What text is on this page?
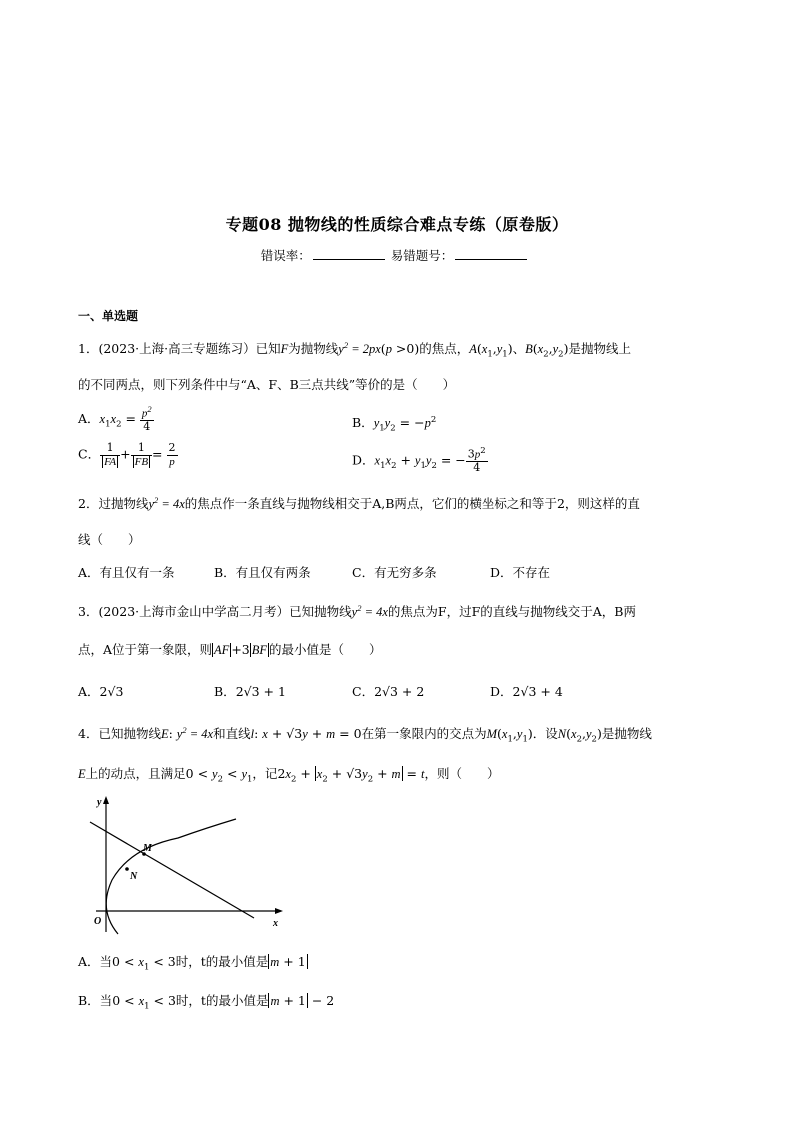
专题08 抛物线的性质综合难点专练（原卷版）
错误率：	易错题号：
一、单选题
1．(2023·上海·高三专题练习）已知F为抛物线$y^2 = 2px(p >0)$的焦点，$A(x_1,y_1)$、$B(x_2,y_2)$是抛物线上
的不同两点，则下列条件中与“A、F、B三点共线”等价的是（　　）
A．$x_1x_2 = \frac{p^2}{4}$	B．$y_1y_2 = -p^2$
C． $\frac{1}{FA} + \frac{1}{FB} = \frac{2}{p}$	D．$x_1x_2 + y_1y_2$ = − $\frac{3p^2}{4}$
2．过抛物线$y^2 = 4x$的焦点作一条直线与抛物线相交于A,B两点，它们的横坐标之和等于2，则这样的直
线（　　）
A．有且仅有一条	B．有且仅有两条	C．有无穷多条	D．不存在
3．(2023·上海市金山中学高二月考）已知抛物线$y^2 = 4x$的焦点为F，过F的直线与抛物线交于A，B两
点，A位于第一象限，则 AF +3 BF 的最小值是（　　）
A．2√3	B．2√3 + 1	C．2√3 + 2	D．2√3 + 4
4．已知抛物线E: $y^2 = 4x$和直线l: x + √3y + m = 0在第一象限内的交点为$M(x_1,y_1)$．设$N(x_2,y_2)$是抛物线
E上的动点，且满足$0 < y_2 < y_1$，记$2x_2 + x_2 + √3y_2 + m = t$，则（　　）
y
x
O
M
N
A．当$0 < x_1 < 3$时，t的最小值是 m + 1
B．当$0 < x_1 < 3$时，t的最小值是 m + 1 − 2
